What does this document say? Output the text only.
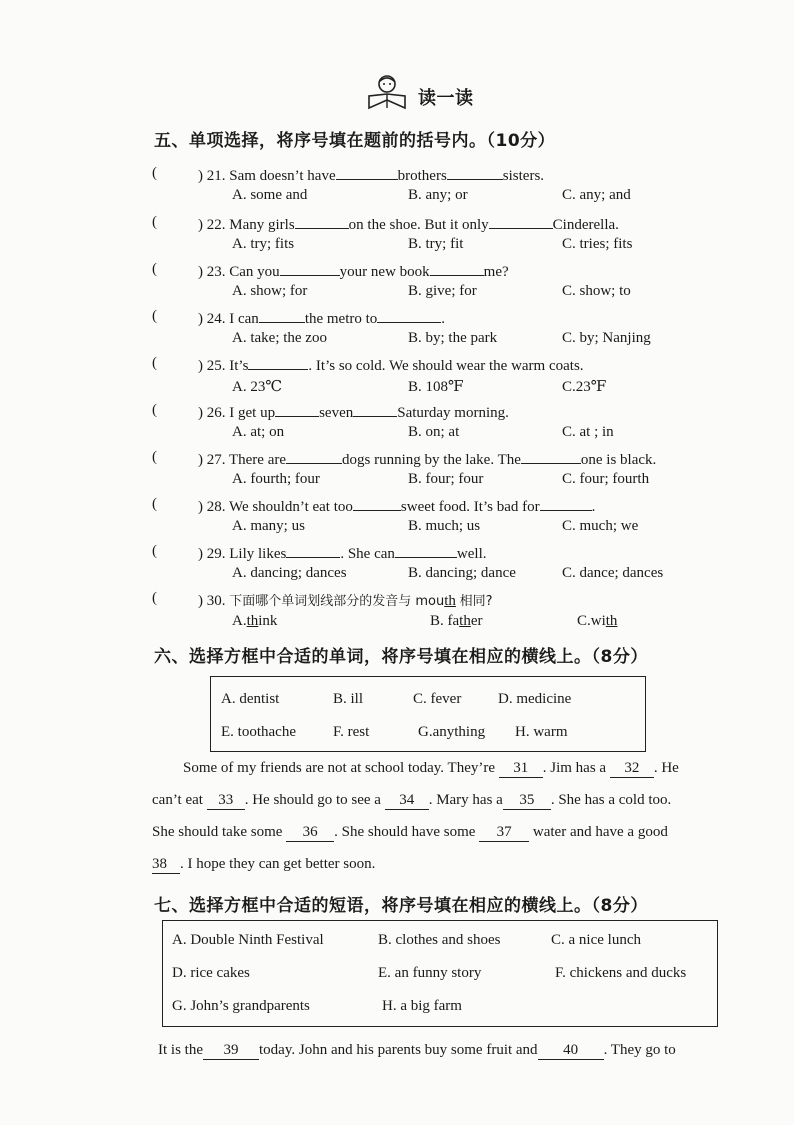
读一读
五、单项选择，将序号填在题前的括号内。（10分）
(	) 21. Sam doesn’t have	brothers	sisters.
A. some and	B. any; or	C. any; and
(	) 22. Many girls	on the shoe. But it only	Cinderella.
A. try; fits	B. try; fit	C. tries; fits
(	) 23. Can you	your new book	me?
A. show; for	B. give; for	C. show; to
(	) 24. I can	the metro to	.
A. take; the zoo	B. by; the park	C. by; Nanjing
(	) 25. It’s	. It’s so cold. We should wear the warm coats.
A. 23℃	B. 108℉	C.23℉
(	) 26. I get up	seven	Saturday morning.
A. at; on	B. on; at	C. at ; in
(	) 27. There are	dogs running by the lake. The	one is black.
A. fourth; four	B. four; four	C. four; fourth
(	) 28. We shouldn’t eat too	sweet food. It’s bad for	.
A. many; us	B. much; us	C. much; we
(	) 29. Lily likes	. She can	well.
A. dancing; dances	B. dancing; dance	C. dance; dances
(	) 30. 下面哪个单词划线部分的发音与 mouth 相同?
A.think	B. father	C.with
六、选择方框中合适的单词，将序号填在相应的横线上。（8分）
A. dentist	B. ill	C. fever D. medicine
E. toothache F. rest	G.anything H. warm
Some of my friends are not at school today. They’re 31 . Jim has a 32 . He
can’t eat 33 . He should go to see a 34 . Mary has a 35 . She has a cold too.
She should take some 36 . She should have some 37 water and have a good
38 . I hope they can get better soon.
七、选择方框中合适的短语，将序号填在相应的横线上。（8分）
A. Double Ninth Festival	B. clothes and shoes	C. a nice lunch
D. rice cakes	E. an funny story	F. chickens and ducks
G. John’s grandparents	H. a big farm
It is the 39 today. John and his parents buy some fruit and 40 . They go to
